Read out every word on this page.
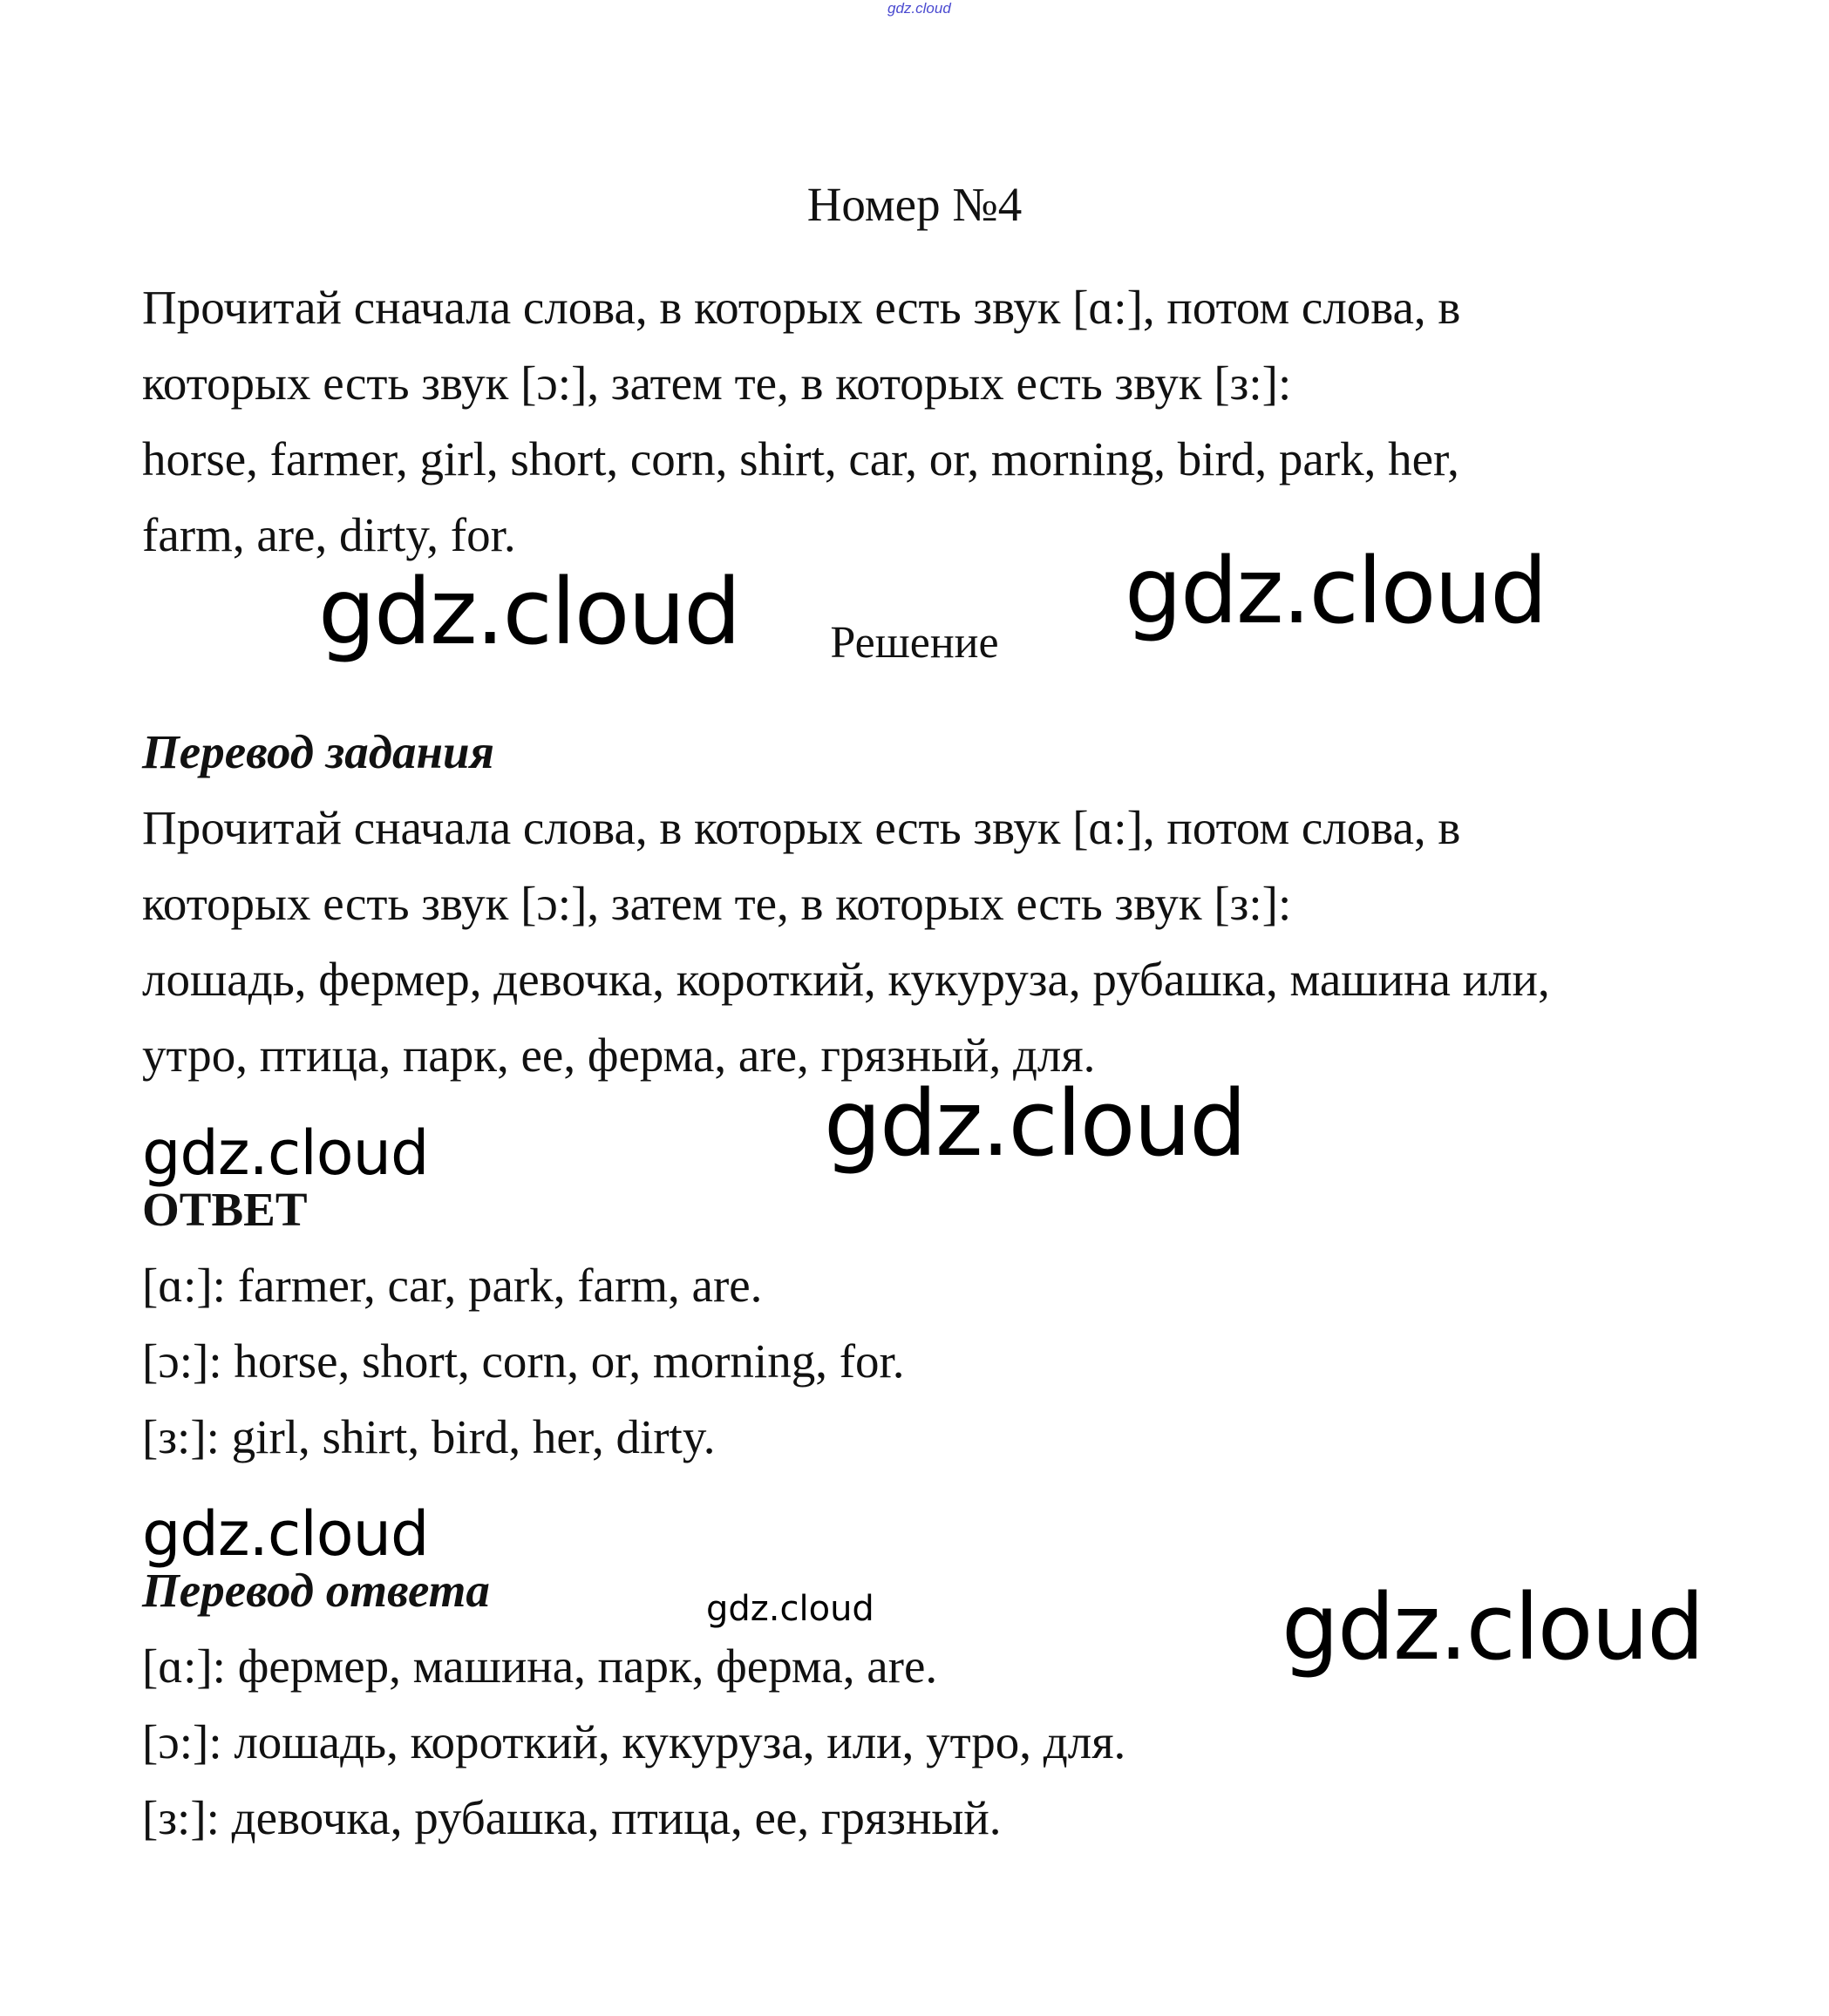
gdz.cloud
Номер №4
Прочитай сначала слова, в которых есть звук [ɑ:], потом слова, в
которых есть звук [ɔ:], затем те, в которых есть звук [з:]:
horse, farmer, girl, short, corn, shirt, car, or, morning, bird, park, her,
farm, are, dirty, for.
gdz.cloud	gdz.cloud
Решение
Перевод задания
Прочитай сначала слова, в которых есть звук [ɑ:], потом слова, в
которых есть звук [ɔ:], затем те, в которых есть звук [з:]:
лошадь, фермер, девочка, короткий, кукуруза, рубашка, машина или,
утро, птица, парк, ее, ферма, are, грязный, для.
gdz.cloud
gdz.cloud
ОТВЕТ
[ɑ:]: farmer, car, park, farm, are.
[ɔ:]: horse, short, corn, or, morning, for.
[з:]: girl, shirt, bird, her, dirty.
gdz.cloud
gdz.cloud	gdz.cloud
Перевод ответа
[ɑ:]: фермер, машина, парк, ферма, are.
[ɔ:]: лошадь, короткий, кукуруза, или, утро, для.
[з:]: девочка, рубашка, птица, ее, грязный.
